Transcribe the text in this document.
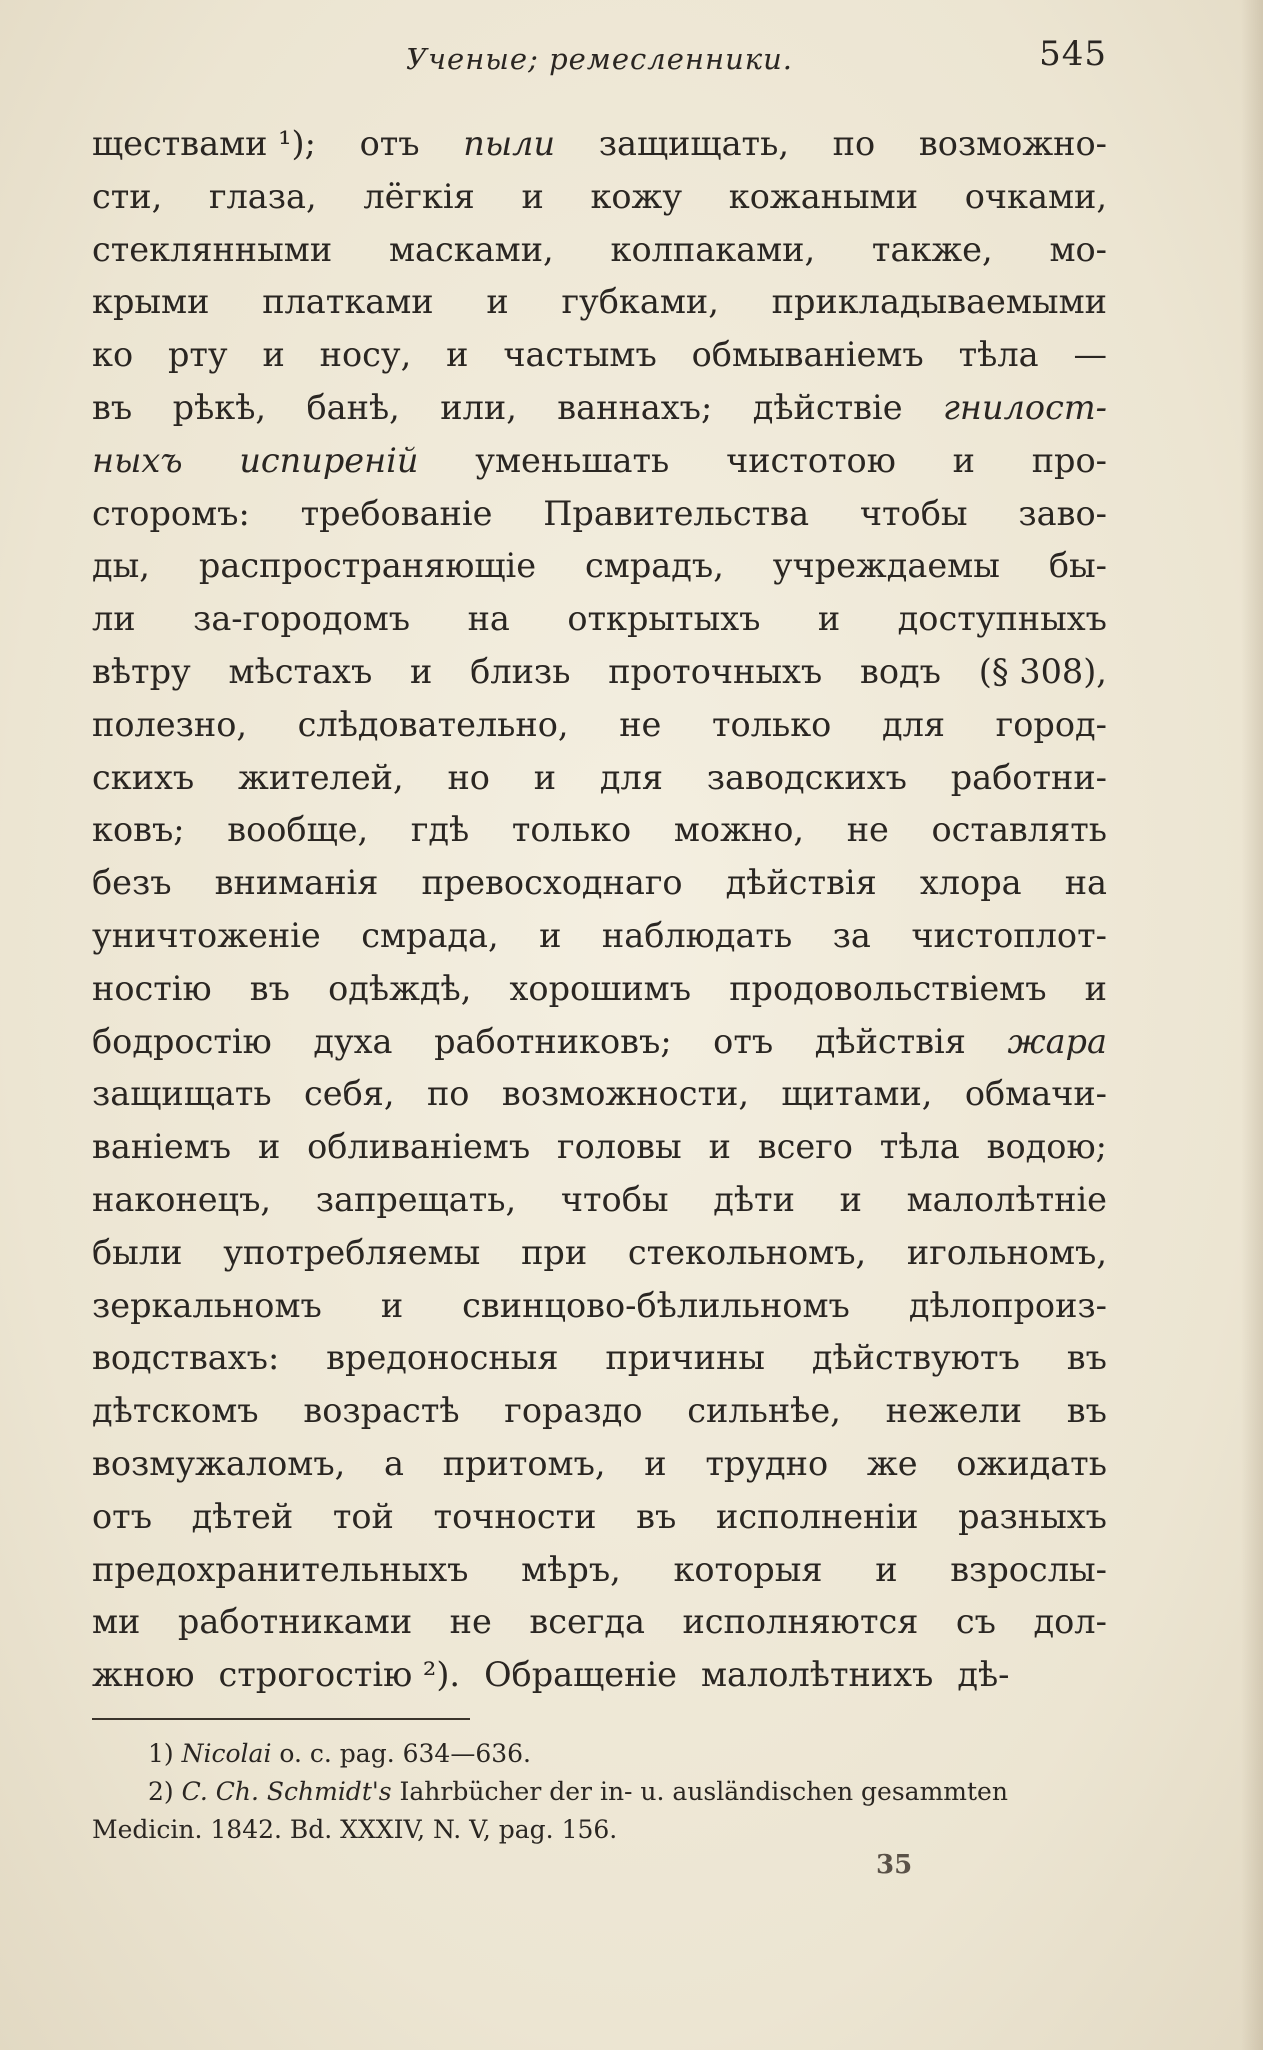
Ученые; ремесленники.	545
ществами ¹); отъ пыли защищать, по возможно-
сти, глаза, лёгкія и кожу кожаными очками,
стеклянными масками, колпаками, также, мо-
крыми платками и губками, прикладываемыми
ко рту и носу, и частымъ обмываніемъ тѣла —
въ рѣкѣ, банѣ, или, ваннахъ; дѣйствіе гнилост-
ныхъ испиреній уменьшать чистотою и про-
сторомъ: требованіе Правительства чтобы заво-
ды, распространяющіе смрадъ, учреждаемы бы-
ли за-городомъ на открытыхъ и доступныхъ
вѣтру мѣстахъ и близь проточныхъ водъ (§ 308),
полезно, слѣдовательно, не только для город-
скихъ жителей, но и для заводскихъ работни-
ковъ; вообще, гдѣ только можно, не оставлять
безъ вниманія превосходнаго дѣйствія хлора на
уничтоженіе смрада, и наблюдать за чистоплот-
ностію въ одѣждѣ, хорошимъ продовольствіемъ и
бодростію духа работниковъ; отъ дѣйствія жара
защищать себя, по возможности, щитами, обмачи-
ваніемъ и обливаніемъ головы и всего тѣла водою;
наконецъ, запрещать, чтобы дѣти и малолѣтніе
были употребляемы при стекольномъ, игольномъ,
зеркальномъ и свинцово-бѣлильномъ дѣлопроиз-
водствахъ: вредоносныя причины дѣйствуютъ въ
дѣтскомъ возрастѣ гораздо сильнѣе, нежели въ
возмужаломъ, а притомъ, и трудно же ожидать
отъ дѣтей той точности въ исполненіи разныхъ
предохранительныхъ мѣръ, которыя и взрослы-
ми работниками не всегда исполняются съ дол-
жною строгостію ²). Обращеніе малолѣтнихъ дѣ-
1) Nicolai o. c. pag. 634—636.
2) C. Ch. Schmidt's Iahrbücher der in- u. ausländischen gesammten
Medicin. 1842. Bd. XXXIV, N. V, pag. 156.
35
